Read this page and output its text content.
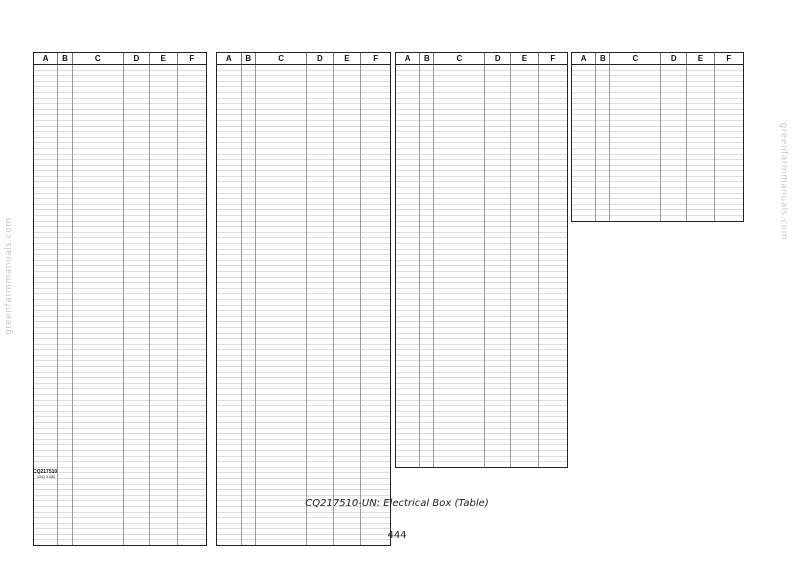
greenfarmmanuals.com
greenfarmmanuals.com
A	B	C	D	E	F

						A	B	C	D	E	F

						A	B	C	D	E	F

						A	B	C	D	E	F

CQ217510
1041 X 082
CQ217510-UN: Electrical Box (Table)
444
